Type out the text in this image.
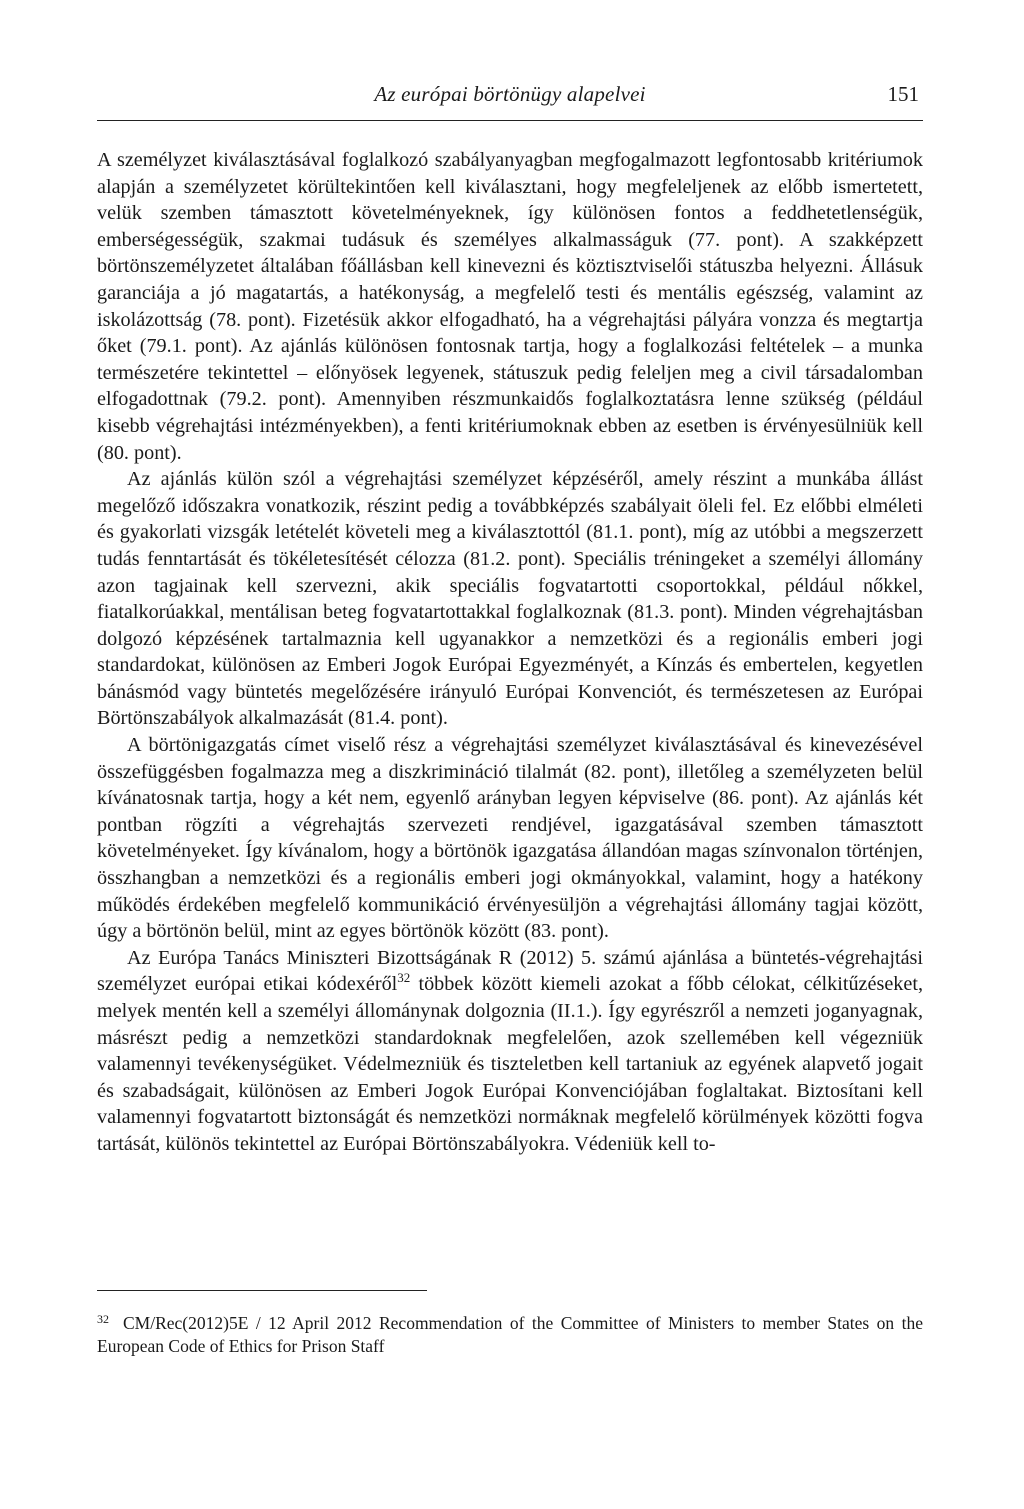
Az európai börtönügy alapelvei	151

A személyzet kiválasztásával foglalkozó szabályanyagban megfogalmazott legfontosabb kritériumok alapján a személyzetet körültekintően kell kiválasztani, hogy megfeleljenek az előbb ismertetett, velük szemben támasztott követelményeknek, így különösen fontos a feddhetetlenségük, emberségességük, szakmai tudásuk és személyes alkalmasságuk (77. pont). A szakképzett börtönszemélyzetet általában főállásban kell kinevezni és köztisztviselői státuszba helyezni. Állásuk garanciája a jó magatartás, a hatékonyság, a megfelelő testi és mentális egészség, valamint az iskolázottság (78. pont). Fizetésük akkor elfogadható, ha a végrehajtási pályára vonzza és megtartja őket (79.1. pont). Az ajánlás különösen fontosnak tartja, hogy a foglalkozási feltételek – a munka természetére tekintettel – előnyösek legyenek, státuszuk pedig feleljen meg a civil társadalomban elfogadottnak (79.2. pont). Amennyiben részmunkaidős foglalkoztatásra lenne szükség (például kisebb végrehajtási intézményekben), a fenti kritériumoknak ebben az esetben is érvényesülniük kell (80. pont).

Az ajánlás külön szól a végrehajtási személyzet képzéséről, amely részint a munkába állást megelőző időszakra vonatkozik, részint pedig a továbbképzés szabályait öleli fel. Ez előbbi elméleti és gyakorlati vizsgák letételét követeli meg a kiválasztottól (81.1. pont), míg az utóbbi a megszerzett tudás fenntartását és tökéletesítését célozza (81.2. pont). Speciális tréningeket a személyi állomány azon tagjainak kell szervezni, akik speciális fogvatartotti csoportokkal, például nőkkel, fiatalkorúakkal, mentálisan beteg fogvatartottakkal foglalkoznak (81.3. pont). Minden végrehajtásban dolgozó képzésének tartalmaznia kell ugyanakkor a nemzetközi és a regionális emberi jogi standardokat, különösen az Emberi Jogok Európai Egyezményét, a Kínzás és embertelen, kegyetlen bánásmód vagy büntetés megelőzésére irányuló Európai Konvenciót, és természetesen az Európai Börtönszabályok alkalmazását (81.4. pont).

A börtönigazgatás címet viselő rész a végrehajtási személyzet kiválasztásával és kinevezésével összefüggésben fogalmazza meg a diszkrimináció tilalmát (82. pont), illetőleg a személyzeten belül kívánatosnak tartja, hogy a két nem, egyenlő arányban legyen képviselve (86. pont). Az ajánlás két pontban rögzíti a végrehajtás szervezeti rendjével, igazgatásával szemben támasztott követelményeket. Így kívánalom, hogy a börtönök igazgatása állandóan magas színvonalon történjen, összhangban a nemzetközi és a regionális emberi jogi okmányokkal, valamint, hogy a hatékony működés érdekében megfelelő kommunikáció érvényesüljön a végrehajtási állomány tagjai között, úgy a börtönön belül, mint az egyes börtönök között (83. pont).

Az Európa Tanács Miniszteri Bizottságának R (2012) 5. számú ajánlása a büntetés-végrehajtási személyzet európai etikai kódexéről$^{32}$ többek között kiemeli azokat a főbb célokat, célkitűzéseket, melyek mentén kell a személyi állománynak dolgoznia (II.1.). Így egyrészről a nemzeti joganyagnak, másrészt pedig a nemzetközi standardoknak megfelelően, azok szellemében kell végezniük valamennyi tevékenységüket. Védelmezniük és tiszteletben kell tartaniuk az egyének alapvető jogait és szabadságait, különösen az Emberi Jogok Európai Konvenciójában foglaltakat. Biztosítani kell valamennyi fogvatartott biztonságát és nemzetközi normáknak megfelelő körülmények közötti fogva tartását, különös tekintettel az Európai Börtönszabályokra. Védeniük kell to-

$^{32}$ CM/Rec(2012)5E / 12 April 2012 Recommendation of the Committee of Ministers to member States on the European Code of Ethics for Prison Staff
